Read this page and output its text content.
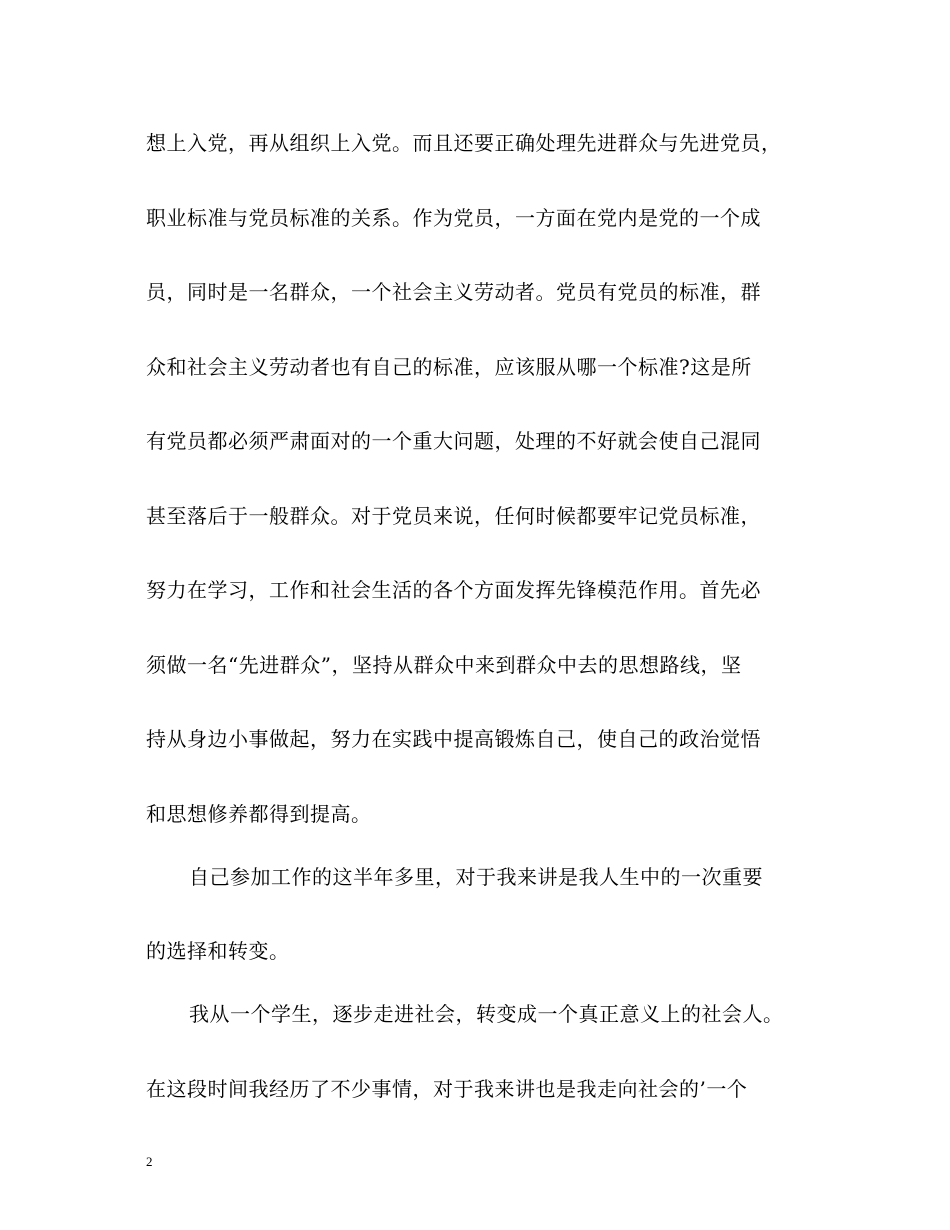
想上入党，再从组织上入党。而且还要正确处理先进群众与先进党员，
职业标准与党员标准的关系。作为党员，一方面在党内是党的一个成
员，同时是一名群众，一个社会主义劳动者。党员有党员的标准，群
众和社会主义劳动者也有自己的标准，应该服从哪一个标准?这是所
有党员都必须严肃面对的一个重大问题，处理的不好就会使自己混同
甚至落后于一般群众。对于党员来说，任何时候都要牢记党员标准，
努力在学习，工作和社会生活的各个方面发挥先锋模范作用。首先必
须做一名“先进群众”，坚持从群众中来到群众中去的思想路线，坚
持从身边小事做起，努力在实践中提高锻炼自己，使自己的政治觉悟
和思想修养都得到提高。
自己参加工作的这半年多里，对于我来讲是我人生中的一次重要
的选择和转变。
我从一个学生，逐步走进社会，转变成一个真正意义上的社会人。
在这段时间我经历了不少事情，对于我来讲也是我走向社会的’一个
2
